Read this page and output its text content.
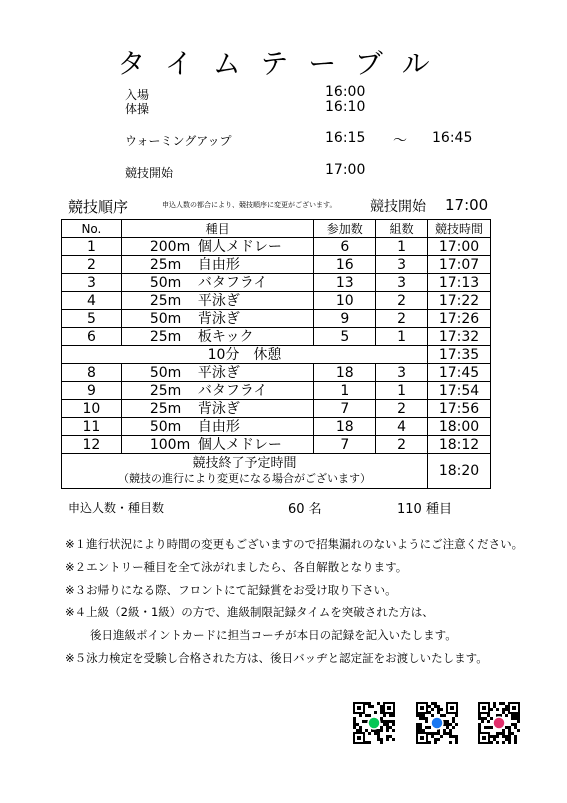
タイムテーブル
入場	16:00
体操	16:10
ウォーミングアップ	16:15 ～ 16:45
競技開始	17:00
競技順序	申込人数の都合により、競技順序に変更がございます。 競技開始 17:00
No.	種目	参加数	組数	競技時間
1	200m 個人メドレー	6	1	17:00
2	25m 自由形	16	3	17:07
3	50m バタフライ	13	3	17:13
4	25m 平泳ぎ	10	2	17:22
5	50m 背泳ぎ	9	2	17:26
6	25m 板キック	5	1	17:32
10分　休憩				17:35
8	50m 平泳ぎ	18	3	17:45
9	25m バタフライ	1	1	17:54
10	25m 背泳ぎ	7	2	17:56
11	50m 自由形	18	4	18:00
12	100m 個人メドレー	7	2	18:12

競技終了予定時間
（競技の進行により変更になる場合がございます）				18:20
申込人数・種目数	60 名	110 種目
※１進行状況により時間の変更もございますので招集漏れのないようにご注意ください。
※２エントリー種目を全て泳がれましたら、各自解散となります。
※３お帰りになる際、フロントにて記録賞をお受け取り下さい。
※４上級（2級・1級）の方で、進級制限記録タイムを突破された方は、
後日進級ポイントカードに担当コーチが本日の記録を記入いたします。
※５泳力検定を受験し合格された方は、後日バッヂと認定証をお渡しいたします。
